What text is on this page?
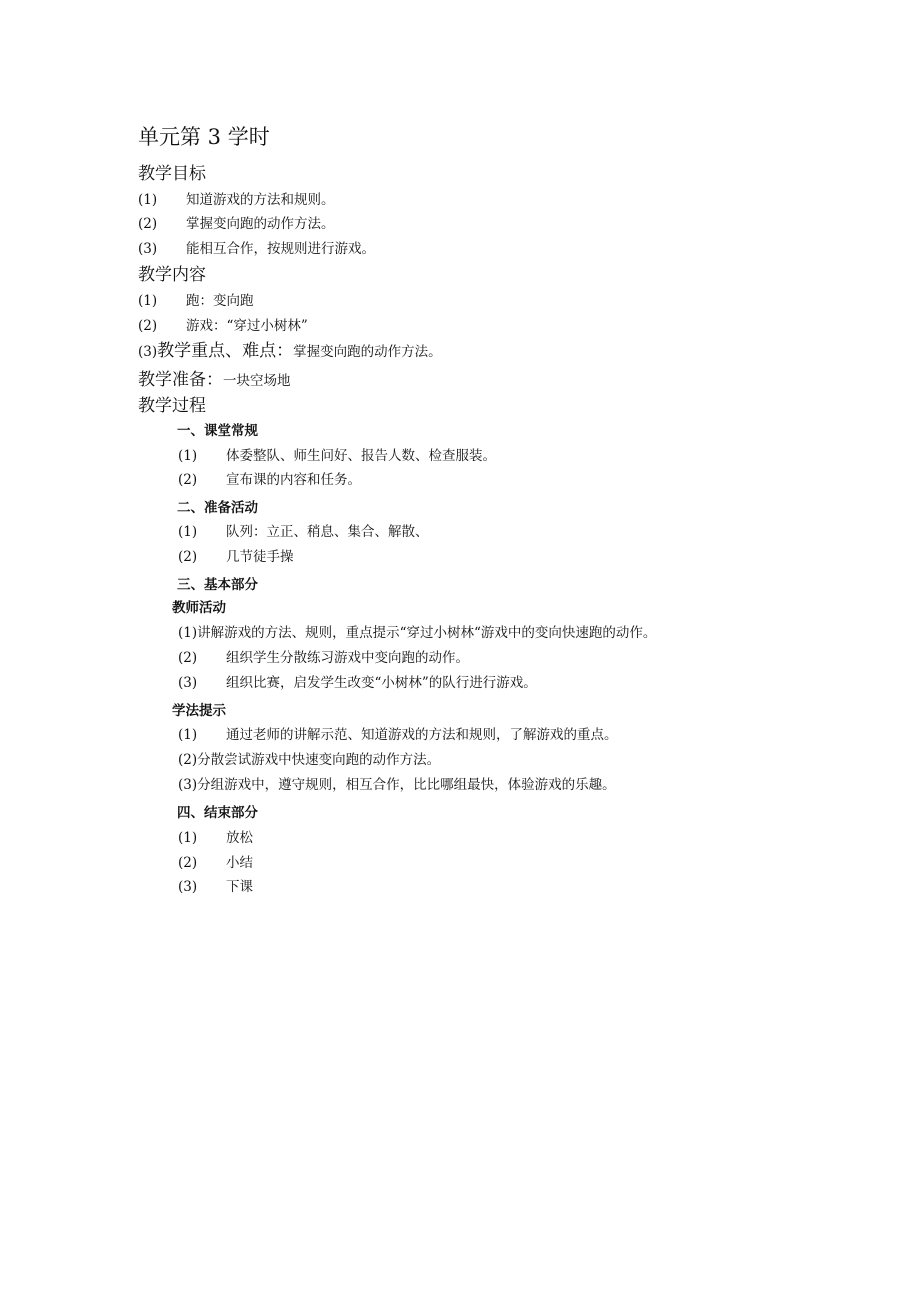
单元第 3 学时
教学目标
(1) 知道游戏的方法和规则。
(2) 掌握变向跑的动作方法。
(3) 能相互合作，按规则进行游戏。
教学内容
(1) 跑：变向跑
(2) 游戏：“穿过小树林”
(3)教学重点、难点：掌握变向跑的动作方法。
教学准备：一块空场地
教学过程
一、课堂常规
(1) 体委整队、师生问好、报告人数、检查服装。
(2) 宣布课的内容和任务。
二、准备活动
(1) 队列：立正、稍息、集合、解散、
(2) 几节徒手操
三、基本部分
教师活动
(1)讲解游戏的方法、规则，重点提示“穿过小树林“游戏中的变向快速跑的动作。
(2) 组织学生分散练习游戏中变向跑的动作。
(3) 组织比赛，启发学生改变“小树林”的队行进行游戏。
学法提示
(1) 通过老师的讲解示范、知道游戏的方法和规则，了解游戏的重点。
(2)分散尝试游戏中快速变向跑的动作方法。
(3)分组游戏中，遵守规则，相互合作，比比哪组最快，体验游戏的乐趣。
四、结束部分
(1) 放松
(2) 小结
(3) 下课
